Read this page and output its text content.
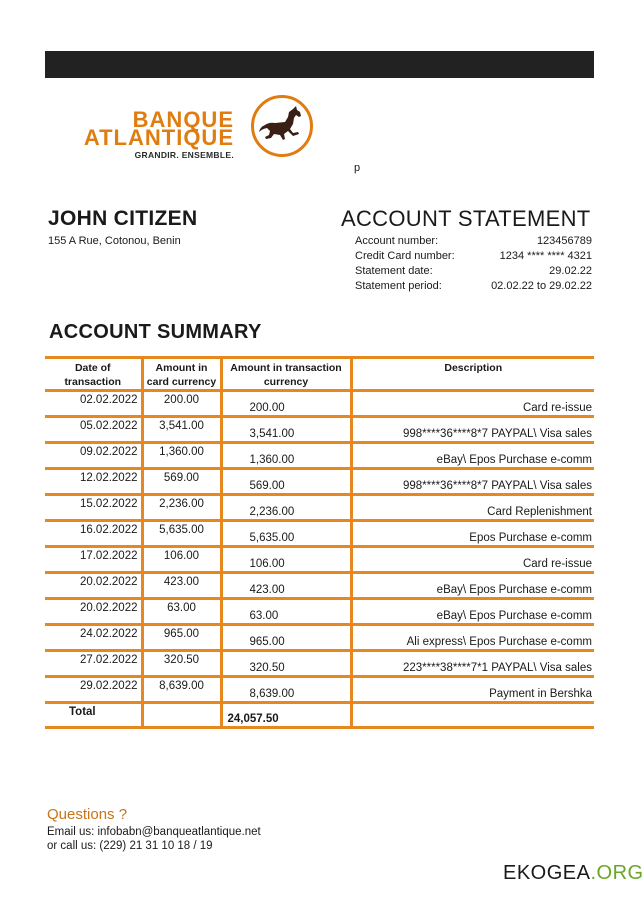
BANQUE
ATLANTIQUE
GRANDIR. ENSEMBLE.
p
JOHN CITIZEN
155 A Rue, Cotonou, Benin
ACCOUNT STATEMENT
Account number:	123456789
Credit Card number:	1234 **** **** 4321
Statement date:	29.02.22
Statement period:	02.02.22 to 29.02.22
ACCOUNT SUMMARY
Date of transaction	Amount in card currency	Amount in transaction currency	Description
02.02.2022	200.00	200.00	Card re-issue
05.02.2022	3,541.00	3,541.00	998****36****8*7 PAYPAL\ Visa sales
09.02.2022	1,360.00	1,360.00	eBay\ Epos Purchase e-comm
12.02.2022	569.00	569.00	998****36****8*7 PAYPAL\ Visa sales
15.02.2022	2,236.00	2,236.00	Card Replenishment
16.02.2022	5,635.00	5,635.00	Epos Purchase e-comm
17.02.2022	106.00	106.00	Card re-issue
20.02.2022	423.00	423.00	eBay\ Epos Purchase e-comm
20.02.2022	63.00	63.00	eBay\ Epos Purchase e-comm
24.02.2022	965.00	965.00	Ali express\ Epos Purchase e-comm
27.02.2022	320.50	320.50	223****38****7*1 PAYPAL\ Visa sales
29.02.2022	8,639.00	8,639.00	Payment in Bershka
Total		24,057.50	
Questions ?
Email us: infobabn@banqueatlantique.net
or call us: (229) 21 31 10 18 / 19
EKOGEA.ORG
